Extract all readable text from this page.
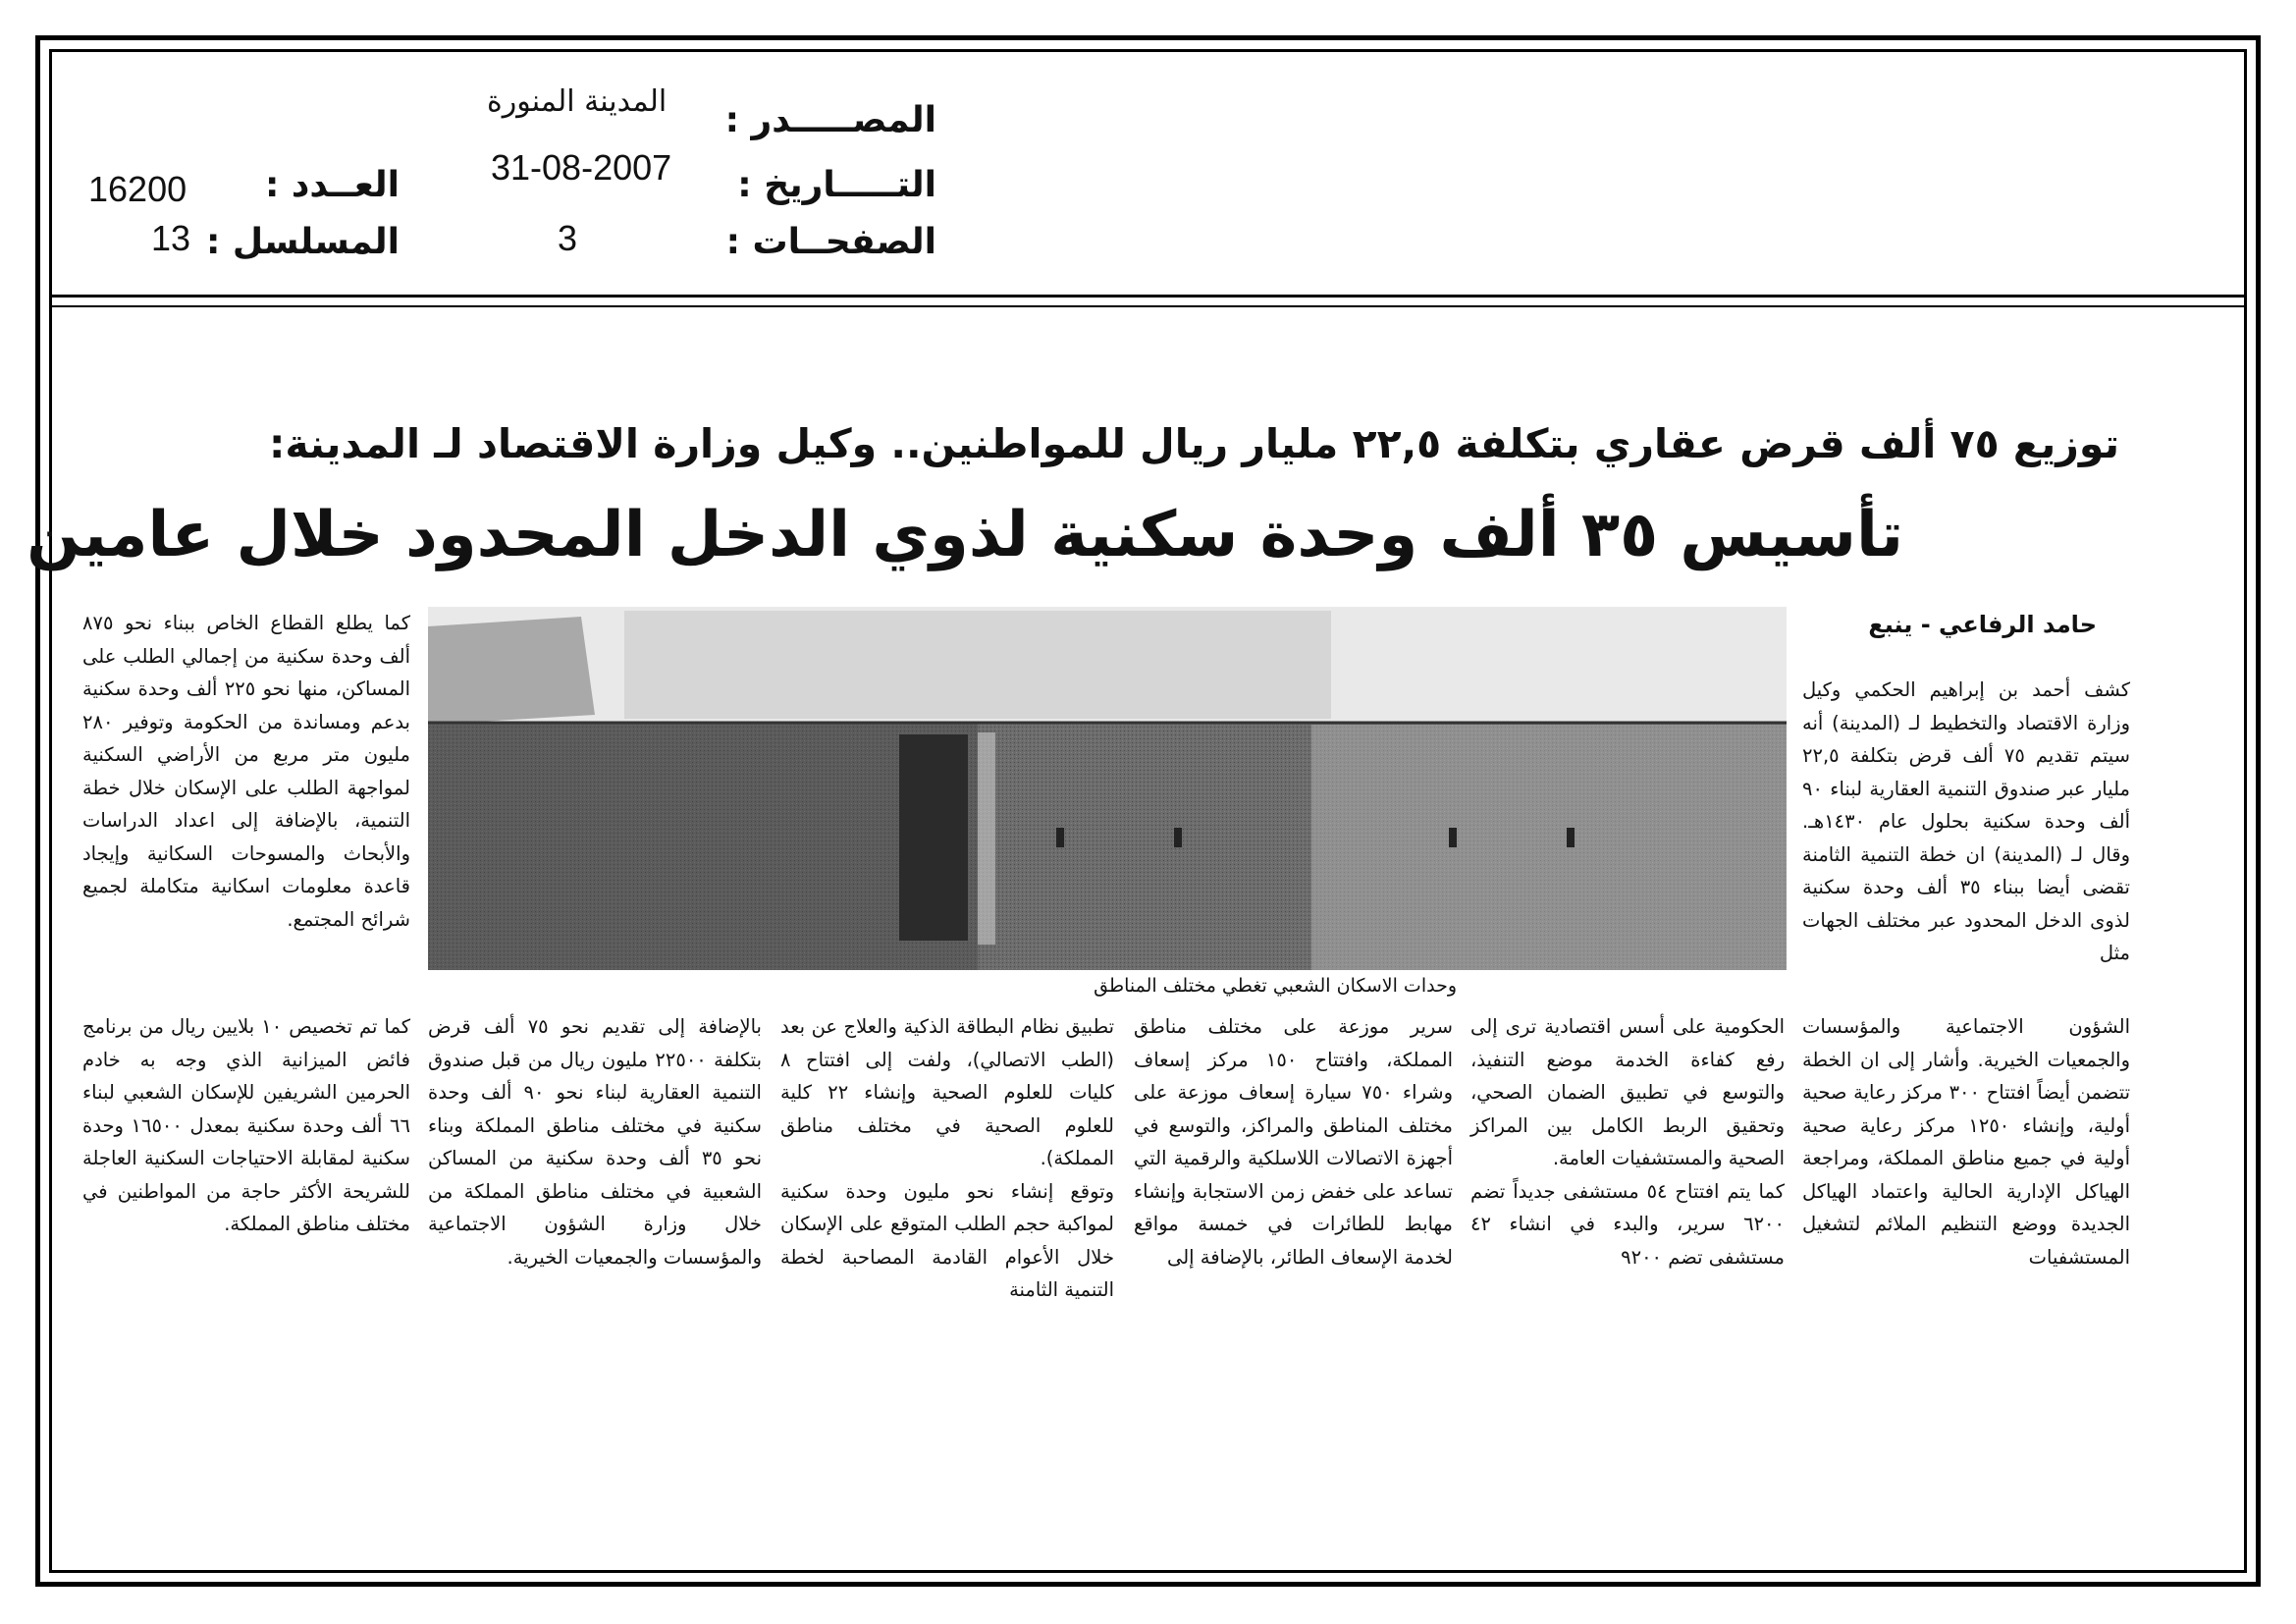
المصـــــدر :
المدينة المنورة
التـــــاريخ :
31-08-2007
الصفحــات :
3
العــدد :
16200
المسلسل :
13
توزيع ٧٥ ألف قرض عقاري بتكلفة ٢٢,٥ مليار ريال للمواطنين.. وكيل وزارة الاقتصاد لـ المدينة:
تأسيس ٣٥ ألف وحدة سكنية لذوي الدخل المحدود خلال عامين
حامد الرفاعي - ينبع
وحدات الاسكان الشعبي تغطي مختلف المناطق

كشف أحمد بن إبراهيم الحكمي وكيل وزارة الاقتصاد والتخطيط لـ (المدينة) أنه سيتم تقديم ٧٥ ألف قرض بتكلفة ٢٢,٥ مليار عبر صندوق التنمية العقارية لبناء ٩٠ ألف وحدة سكنية بحلول عام ١٤٣٠هـ. وقال لـ (المدينة) ان خطة التنمية الثامنة تقضى أيضا ببناء ٣٥ ألف وحدة سكنية لذوى الدخل المحدود عبر مختلف الجهات مثل

الشؤون الاجتماعية والمؤسسات والجمعيات الخيرية. وأشار إلى ان الخطة تتضمن أيضاً افتتاح ٣٠٠ مركز رعاية صحية أولية، وإنشاء ١٢٥٠ مركز رعاية صحية أولية في جميع مناطق المملكة، ومراجعة الهياكل الإدارية الحالية واعتماد الهياكل الجديدة ووضع التنظيم الملائم لتشغيل المستشفيات

الحكومية على أسس اقتصادية ترى إلى رفع كفاءة الخدمة موضع التنفيذ، والتوسع في تطبيق الضمان الصحي، وتحقيق الربط الكامل بين المراكز الصحية والمستشفيات العامة.

كما يتم افتتاح ٥٤ مستشفى جديداً تضم ٦٢٠٠ سرير، والبدء في انشاء ٤٢ مستشفى تضم ٩٢٠٠

سرير موزعة على مختلف مناطق المملكة، وافتتاح ١٥٠ مركز إسعاف وشراء ٧٥٠ سيارة إسعاف موزعة على مختلف المناطق والمراكز، والتوسع في أجهزة الاتصالات اللاسلكية والرقمية التي تساعد على خفض زمن الاستجابة وإنشاء مهابط للطائرات في خمسة مواقع لخدمة الإسعاف الطائر، بالإضافة إلى

تطبيق نظام البطاقة الذكية والعلاج عن بعد (الطب الاتصالي)، ولفت إلى افتتاح ٨ كليات للعلوم الصحية وإنشاء ٢٢ كلية للعلوم الصحية في مختلف مناطق المملكة).

وتوقع إنشاء نحو مليون وحدة سكنية لمواكبة حجم الطلب المتوقع على الإسكان خلال الأعوام القادمة المصاحبة لخطة التنمية الثامنة

بالإضافة إلى تقديم نحو ٧٥ ألف قرض بتكلفة ٢٢٥٠٠ مليون ريال من قبل صندوق التنمية العقارية لبناء نحو ٩٠ ألف وحدة سكنية في مختلف مناطق المملكة وبناء نحو ٣٥ ألف وحدة سكنية من المساكن الشعبية في مختلف مناطق المملكة من خلال وزارة الشؤون الاجتماعية والمؤسسات والجمعيات الخيرية.

كما يطلع القطاع الخاص ببناء نحو ٨٧٥ ألف وحدة سكنية من إجمالي الطلب على المساكن، منها نحو ٢٢٥ ألف وحدة سكنية بدعم ومساندة من الحكومة وتوفير ٢٨٠ مليون متر مربع من الأراضي السكنية لمواجهة الطلب على الإسكان خلال خطة التنمية، بالإضافة إلى اعداد الدراسات والأبحاث والمسوحات السكانية وإيجاد قاعدة معلومات اسكانية متكاملة لجميع شرائح المجتمع.

كما تم تخصيص ١٠ بلايين ريال من برنامج فائض الميزانية الذي وجه به خادم الحرمين الشريفين للإسكان الشعبي لبناء ٦٦ ألف وحدة سكنية بمعدل ١٦٥٠٠ وحدة سكنية لمقابلة الاحتياجات السكنية العاجلة للشريحة الأكثر حاجة من المواطنين في مختلف مناطق المملكة.
